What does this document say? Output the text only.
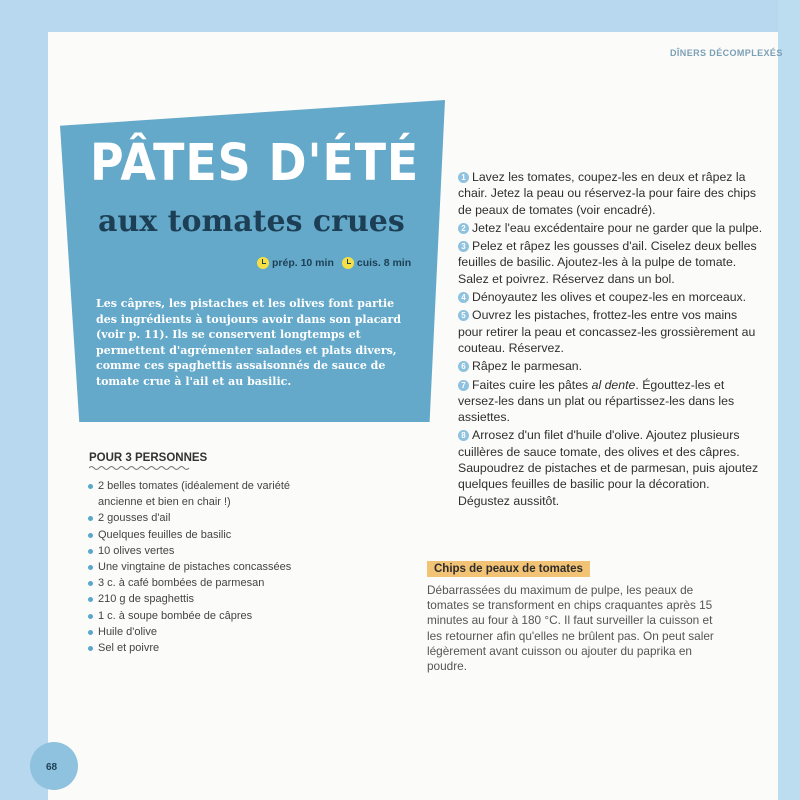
DÎNERS DÉCOMPLEXÉS
PÂTES D'ÉTÉ
aux tomates crues
prép. 10 min cuis. 8 min

Les câpres, les pistaches et les olives font partie des ingrédients à toujours avoir dans son placard (voir p. 11). Ils se conservent longtemps et permettent d'agrémenter salades et plats divers, comme ces spaghettis assaisonnés de sauce de tomate crue à l'ail et au basilic.

POUR 3 PERSONNES
2 belles tomates (idéalement de variété ancienne et bien en chair !)
2 gousses d'ail
Quelques feuilles de basilic
10 olives vertes
Une vingtaine de pistaches concassées
3 c. à café bombées de parmesan
210 g de spaghettis
1 c. à soupe bombée de câpres
Huile d'olive
Sel et poivre
1 Lavez les tomates, coupez-les en deux et râpez la chair. Jetez la peau ou réservez-la pour faire des chips de peaux de tomates (voir encadré).
2 Jetez l'eau excédentaire pour ne garder que la pulpe.
3 Pelez et râpez les gousses d'ail. Ciselez deux belles feuilles de basilic. Ajoutez-les à la pulpe de tomate. Salez et poivrez. Réservez dans un bol.
4 Dénoyautez les olives et coupez-les en morceaux.
5 Ouvrez les pistaches, frottez-les entre vos mains pour retirer la peau et concassez-les grossièrement au couteau. Réservez.
6 Râpez le parmesan.
7 Faites cuire les pâtes al dente. Égouttez-les et versez-les dans un plat ou répartissez-les dans les assiettes.
8 Arrosez d'un filet d'huile d'olive. Ajoutez plusieurs cuillères de sauce tomate, des olives et des câpres. Saupoudrez de pistaches et de parmesan, puis ajoutez quelques feuilles de basilic pour la décoration. Dégustez aussitôt.
Chips de peaux de tomates

Débarrassées du maximum de pulpe, les peaux de tomates se transforment en chips craquantes après 15 minutes au four à 180 °C. Il faut surveiller la cuisson et les retourner afin qu'elles ne brûlent pas. On peut saler légèrement avant cuisson ou ajouter du paprika en poudre.

68
